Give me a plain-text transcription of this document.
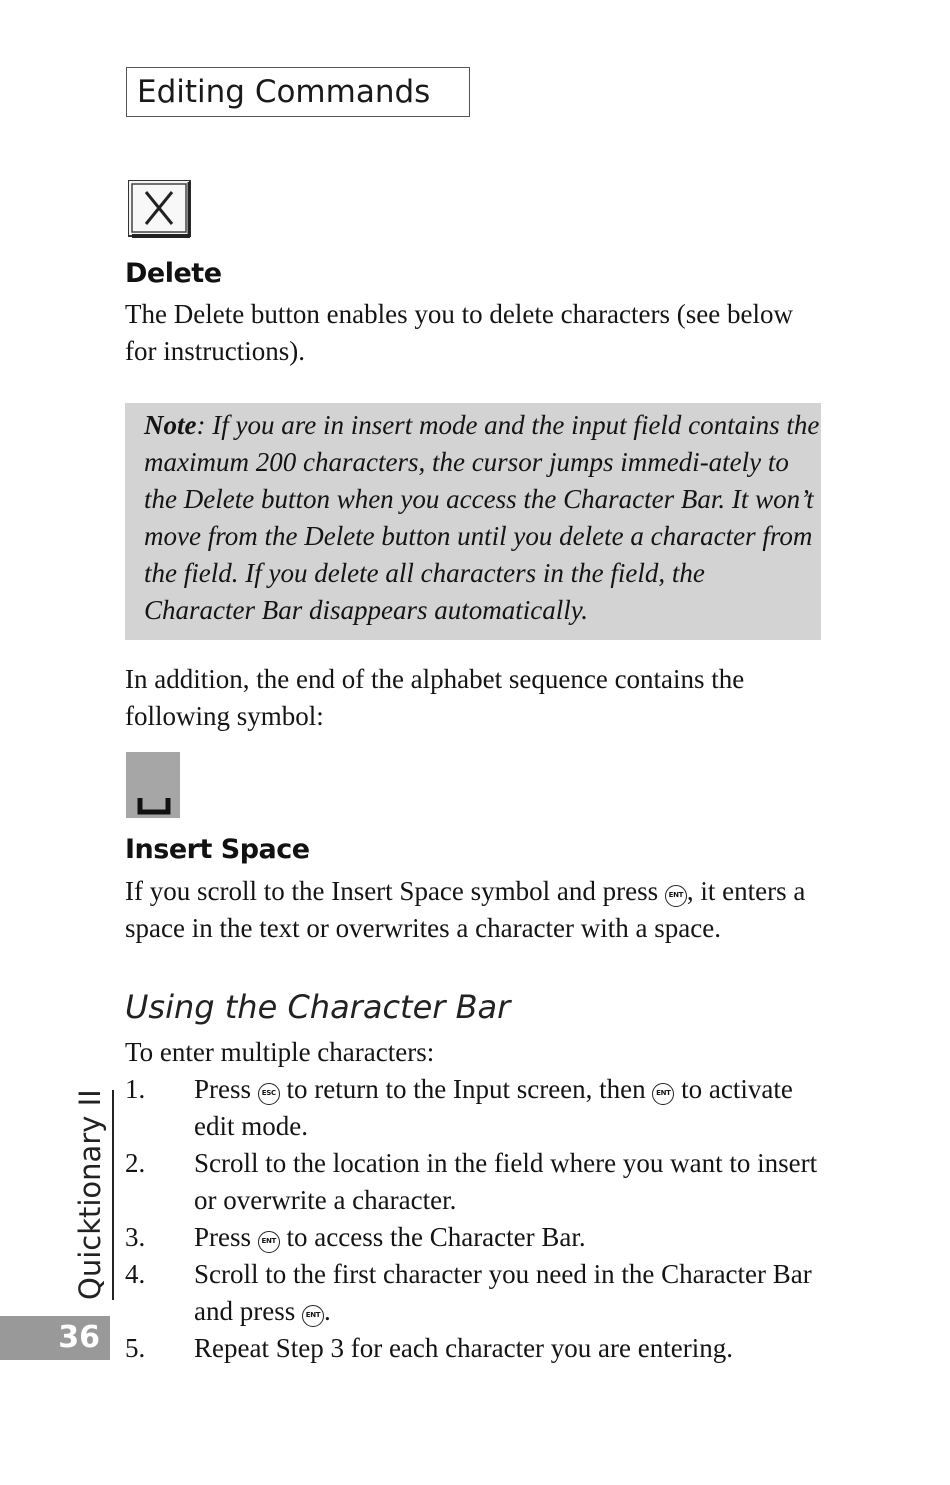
Editing Commands
Delete
The Delete button enables you to delete characters (see below for instructions).
Note: If you are in insert mode and the input field contains the maximum 200 characters, the cursor jumps immedi-ately to the Delete button when you access the Character Bar. It won’t move from the Delete button until you delete a character from the field. If you delete all characters in the field, the Character Bar disappears automatically.
In addition, the end of the alphabet sequence contains the following symbol:
Insert Space
If you scroll to the Insert Space symbol and press ENT , it enters a space in the text or overwrites a character with a space.
Using the Character Bar
To enter multiple characters:
1. Press ESC to return to the Input screen, then ENT to activate edit mode.
2. Scroll to the location in the field where you want to insert or overwrite a character.
3. Press ENT to access the Character Bar.
4. Scroll to the first character you need in the Character Bar and press ENT .
5. Repeat Step 3 for each character you are entering.
Quicktionary II
36
